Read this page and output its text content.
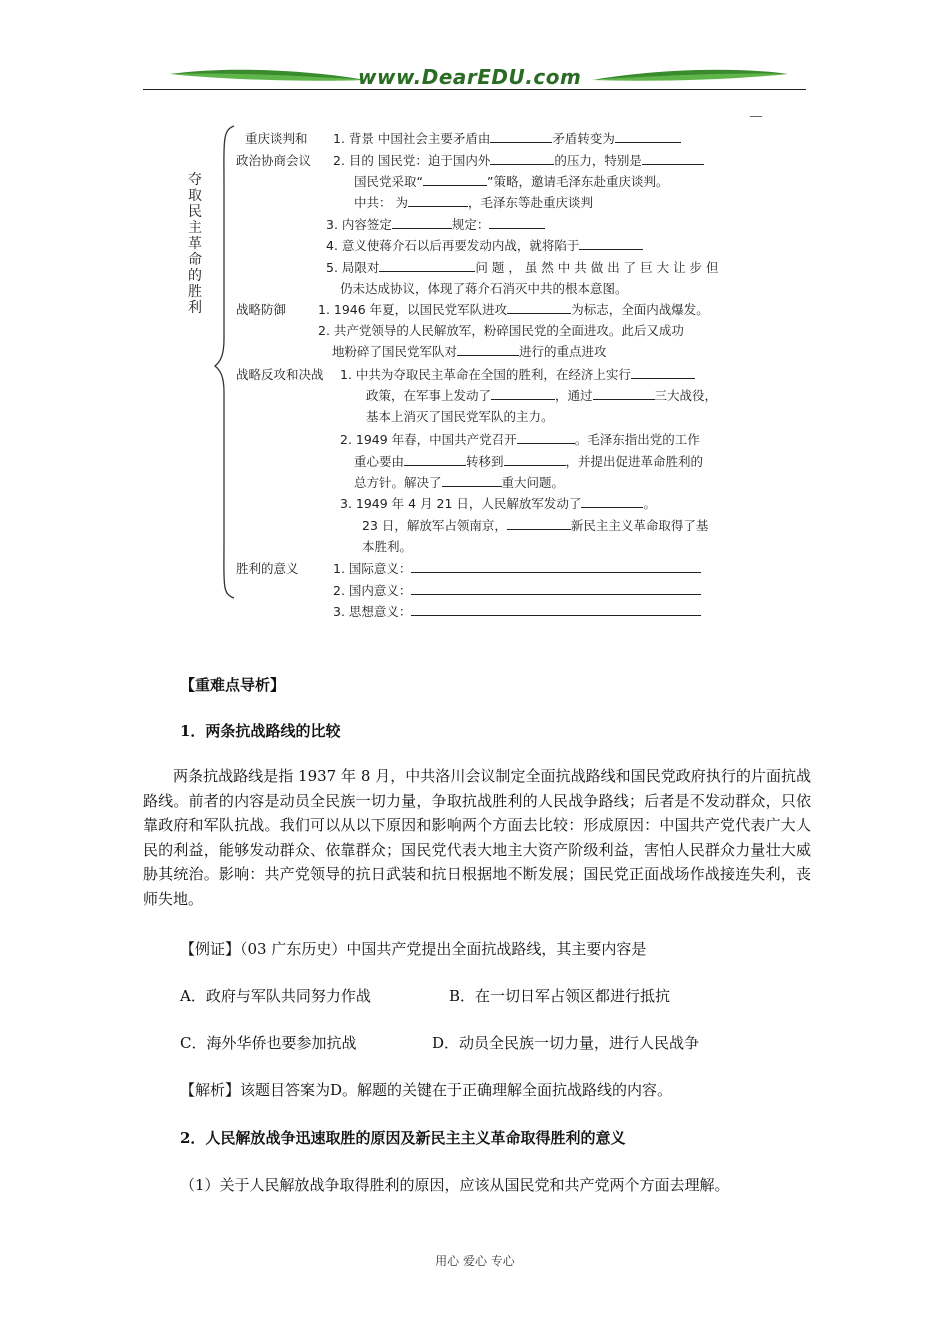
www.DearEDU.com
夺
取
民
主
革
命
的
胜
利
重庆谈判和
政治协商会议
1. 背景 中国社会主要矛盾由	矛盾转变为
2. 目的 国民党：迫于国内外	的压力，特别是
国民党采取“	”策略，邀请毛泽东赴重庆谈判。
中共： 为	，毛泽东等赴重庆谈判
3. 内容签定	规定：
4. 意义使蒋介石以后再要发动内战，就将陷于
5. 局限对	问 题 ， 虽 然 中 共 做 出 了 巨 大 让 步 但
仍未达成协议，体现了蒋介石消灭中共的根本意图。
战略防御	1. 1946 年夏，以国民党军队进攻	为标志，全面内战爆发。
2. 共产党领导的人民解放军，粉碎国民党的全面进攻。此后又成功
地粉碎了国民党军队对	进行的重点进攻
战略反攻和决战 1. 中共为夺取民主革命在全国的胜利，在经济上实行
政策，在军事上发动了	，通过	三大战役，
基本上消灭了国民党军队的主力。
2. 1949 年春，中国共产党召开	。毛泽东指出党的工作
重心要由	转移到	，并提出促进革命胜利的
总方针。解决了	重大问题。
3. 1949 年 4 月 21 日，人民解放军发动了	。
23 日，解放军占领南京，	新民主主义革命取得了基
本胜利。
胜利的意义	1. 国际意义：
2. 国内意义：
3. 思想意义：
【重难点导析】
1．两条抗战路线的比较
两条抗战路线是指 1937 年 8 月，中共洛川会议制定全面抗战路线和国民党政府执行的片面抗战路线。前者的内容是动员全民族一切力量，争取抗战胜利的人民战争路线；后者是不发动群众，只依靠政府和军队抗战。我们可以从以下原因和影响两个方面去比较：形成原因：中国共产党代表广大人民的利益，能够发动群众、依靠群众；国民党代表大地主大资产阶级利益，害怕人民群众力量壮大威胁其统治。影响：共产党领导的抗日武装和抗日根据地不断发展；国民党正面战场作战接连失利，丧师失地。
【例证】（03 广东历史）中国共产党提出全面抗战路线，其主要内容是
A．政府与军队共同努力作战	B．在一切日军占领区都进行抵抗
C．海外华侨也要参加抗战	D．动员全民族一切力量，进行人民战争
【解析】该题目答案为D。解题的关键在于正确理解全面抗战路线的内容。
2．人民解放战争迅速取胜的原因及新民主主义革命取得胜利的意义
（1）关于人民解放战争取得胜利的原因，应该从国民党和共产党两个方面去理解。
用心 爱心 专心
